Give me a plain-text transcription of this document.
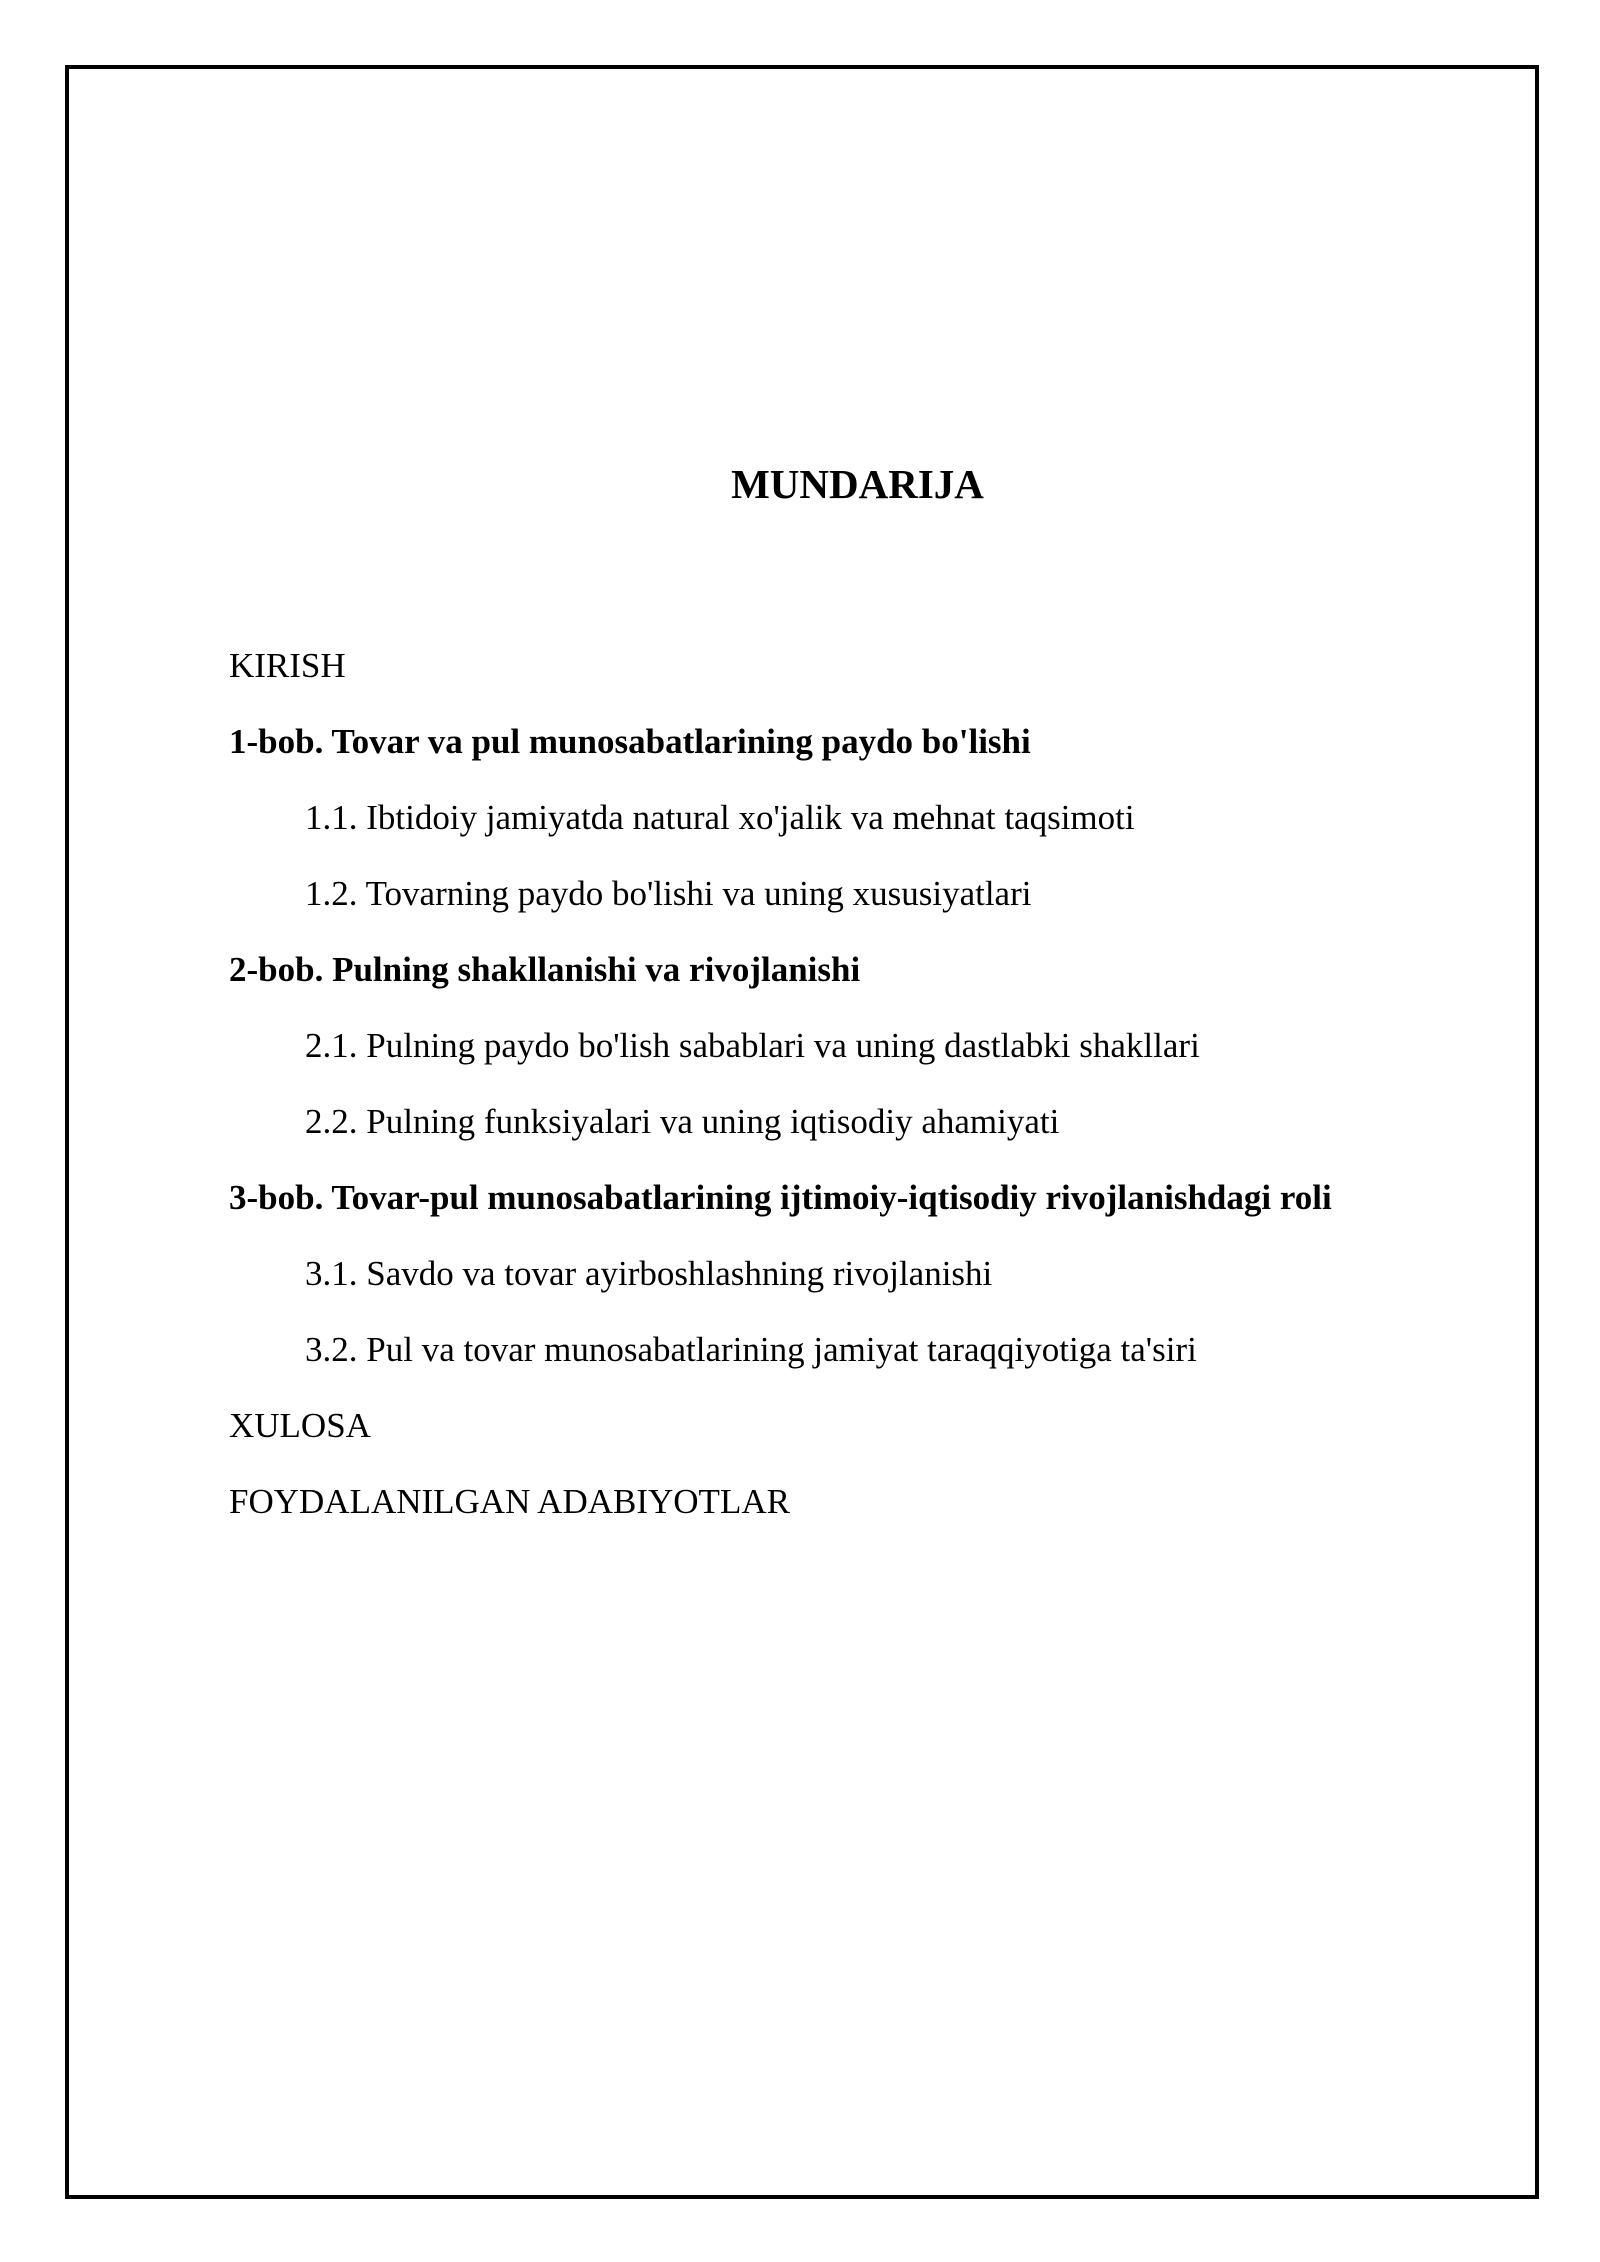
MUNDARIJA
KIRISH
1-bob. Tovar va pul munosabatlarining paydo bo'lishi
1.1. Ibtidoiy jamiyatda natural xo'jalik va mehnat taqsimoti
1.2. Tovarning paydo bo'lishi va uning xususiyatlari
2-bob. Pulning shakllanishi va rivojlanishi
2.1. Pulning paydo bo'lish sabablari va uning dastlabki shakllari
2.2. Pulning funksiyalari va uning iqtisodiy ahamiyati
3-bob. Tovar-pul munosabatlarining ijtimoiy-iqtisodiy rivojlanishdagi roli
3.1. Savdo va tovar ayirboshlashning rivojlanishi
3.2. Pul va tovar munosabatlarining jamiyat taraqqiyotiga ta'siri
XULOSA
FOYDALANILGAN ADABIYOTLAR
